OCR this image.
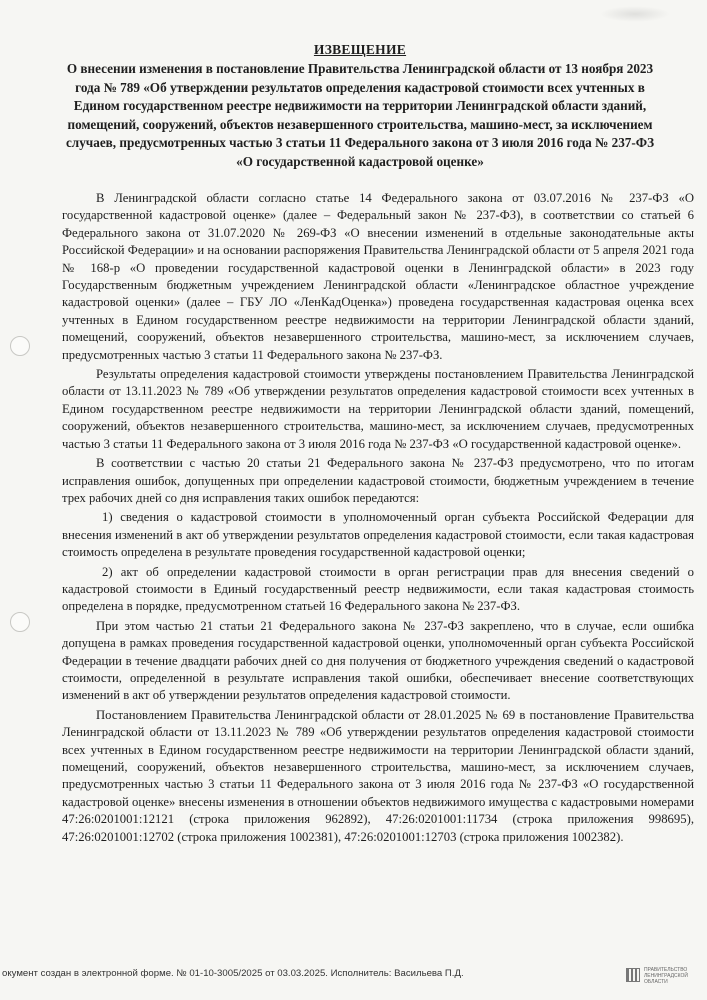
ИЗВЕЩЕНИЕ
О внесении изменения в постановление Правительства Ленинградской области от 13 ноября 2023 года № 789 «Об утверждении результатов определения кадастровой стоимости всех учтенных в Едином государственном реестре недвижимости на территории Ленинградской области зданий, помещений, сооружений, объектов незавершенного строительства, машино-мест, за исключением случаев, предусмотренных частью 3 статьи 11 Федерального закона от 3 июля 2016 года № 237-ФЗ «О государственной кадастровой оценке»

В Ленинградской области согласно статье 14 Федерального закона от 03.07.2016 № 237-ФЗ «О государственной кадастровой оценке» (далее – Федеральный закон № 237-ФЗ), в соответствии со статьей 6 Федерального закона от 31.07.2020 № 269-ФЗ «О внесении изменений в отдельные законодательные акты Российской Федерации» и на основании распоряжения Правительства Ленинградской области от 5 апреля 2021 года № 168-р «О проведении государственной кадастровой оценки в Ленинградской области» в 2023 году Государственным бюджетным учреждением Ленинградской области «Ленинградское областное учреждение кадастровой оценки» (далее – ГБУ ЛО «ЛенКадОценка») проведена государственная кадастровая оценка всех учтенных в Едином государственном реестре недвижимости на территории Ленинградской области зданий, помещений, сооружений, объектов незавершенного строительства, машино-мест, за исключением случаев, предусмотренных частью 3 статьи 11 Федерального закона № 237-ФЗ.

Результаты определения кадастровой стоимости утверждены постановлением Правительства Ленинградской области от 13.11.2023 № 789 «Об утверждении результатов определения кадастровой стоимости всех учтенных в Едином государственном реестре недвижимости на территории Ленинградской области зданий, помещений, сооружений, объектов незавершенного строительства, машино-мест, за исключением случаев, предусмотренных частью 3 статьи 11 Федерального закона от 3 июля 2016 года № 237-ФЗ «О государственной кадастровой оценке».

В соответствии с частью 20 статьи 21 Федерального закона № 237-ФЗ предусмотрено, что по итогам исправления ошибок, допущенных при определении кадастровой стоимости, бюджетным учреждением в течение трех рабочих дней со дня исправления таких ошибок передаются:

1) сведения о кадастровой стоимости в уполномоченный орган субъекта Российской Федерации для внесения изменений в акт об утверждении результатов определения кадастровой стоимости, если такая кадастровая стоимость определена в результате проведения государственной кадастровой оценки;

2) акт об определении кадастровой стоимости в орган регистрации прав для внесения сведений о кадастровой стоимости в Единый государственный реестр недвижимости, если такая кадастровая стоимость определена в порядке, предусмотренном статьей 16 Федерального закона № 237-ФЗ.

При этом частью 21 статьи 21 Федерального закона № 237-ФЗ закреплено, что в случае, если ошибка допущена в рамках проведения государственной кадастровой оценки, уполномоченный орган субъекта Российской Федерации в течение двадцати рабочих дней со дня получения от бюджетного учреждения сведений о кадастровой стоимости, определенной в результате исправления такой ошибки, обеспечивает внесение соответствующих изменений в акт об утверждении результатов определения кадастровой стоимости.

Постановлением Правительства Ленинградской области от 28.01.2025 № 69 в постановление Правительства Ленинградской области от 13.11.2023 № 789 «Об утверждении результатов определения кадастровой стоимости всех учтенных в Едином государственном реестре недвижимости на территории Ленинградской области зданий, помещений, сооружений, объектов незавершенного строительства, машино-мест, за исключением случаев, предусмотренных частью 3 статьи 11 Федерального закона от 3 июля 2016 года № 237-ФЗ «О государственной кадастровой оценке» внесены изменения в отношении объектов недвижимого имущества с кадастровыми номерами 47:26:0201001:12121 (строка приложения 962892), 47:26:0201001:11734 (строка приложения 998695), 47:26:0201001:12702 (строка приложения 1002381), 47:26:0201001:12703 (строка приложения 1002382).

окумент создан в электронной форме. № 01-10-3005/2025 от 03.03.2025. Исполнитель: Васильева П.Д.	ПРАВИТЕЛЬСТВО ЛЕНИНГРАДСКОЙ ОБЛАСТИ
